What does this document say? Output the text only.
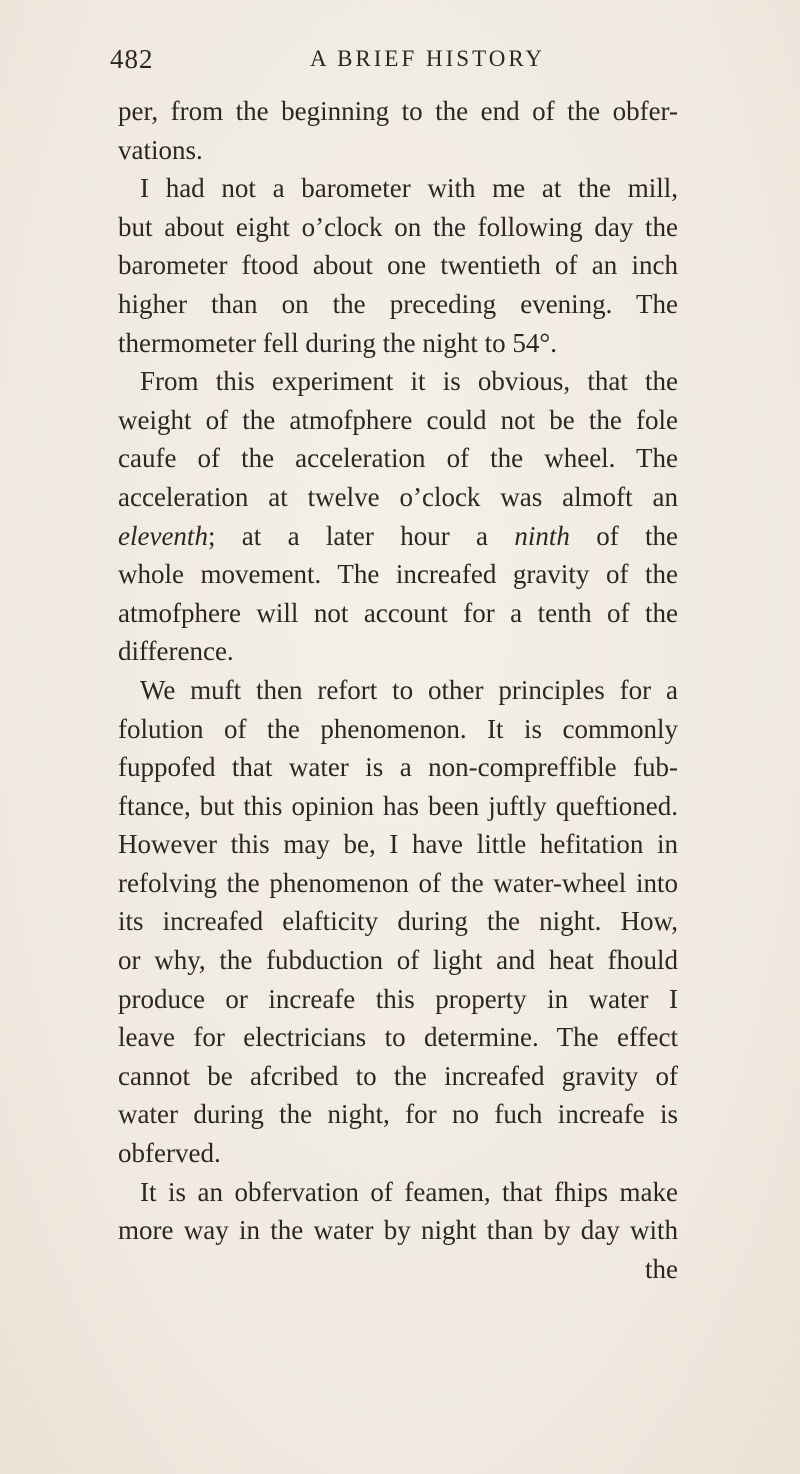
482	A BRIEF HISTORY
per, from the beginning to the end of the obfer-
vations.
I had not a barometer with me at the mill,
but about eight o’clock on the following day the
barometer ftood about one twentieth of an inch
higher than on the preceding evening. The
thermometer fell during the night to 54°.
From this experiment it is obvious, that the
weight of the atmofphere could not be the fole
caufe of the acceleration of the wheel. The
acceleration at twelve o’clock was almoft an
eleventh; at a later hour a ninth of the
whole movement. The increafed gravity of the
atmofphere will not account for a tenth of the
difference.
We muft then refort to other principles for a
folution of the phenomenon. It is commonly
fuppofed that water is a non-compreffible fub-
ftance, but this opinion has been juftly queftioned.
However this may be, I have little hefitation in
refolving the phenomenon of the water-wheel into
its increafed elafticity during the night. How,
or why, the fubduction of light and heat fhould
produce or increafe this property in water I
leave for electricians to determine. The effect
cannot be afcribed to the increafed gravity of
water during the night, for no fuch increafe is
obferved.
It is an obfervation of feamen, that fhips make
more way in the water by night than by day with
the
